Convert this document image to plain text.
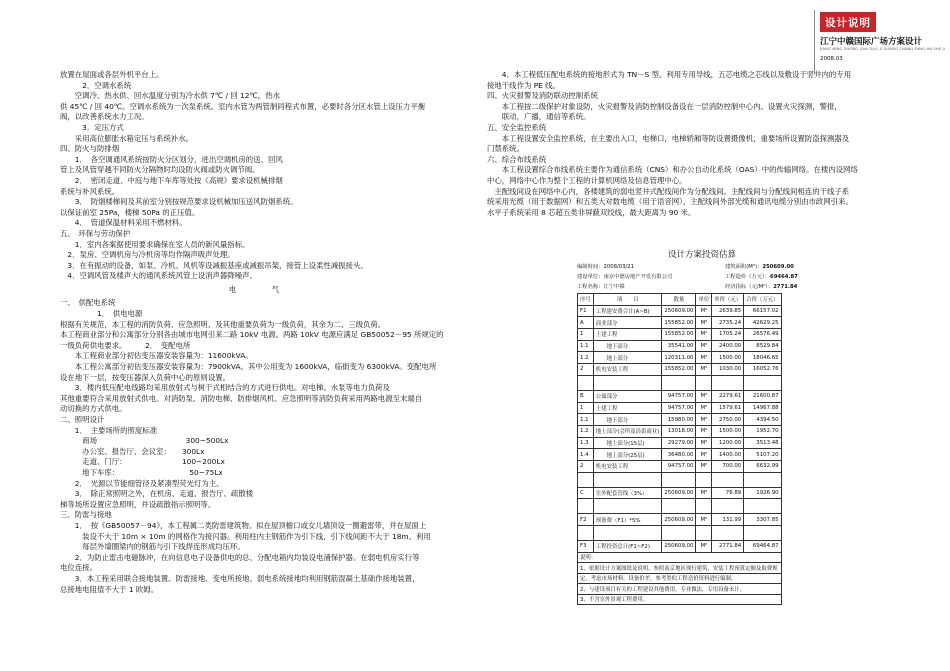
设计说明
江宁中赣国际广场方案设计
JIANG NING ZHONG GAN GUO JI GUANG CHANG FANG AN SHE JI
2008.03

放置在屋面或各层外机平台上。

　　　2．空调水系统

　　空调冷、热水供、回水温度分别为冷水供 7℃ / 回 12℃，热水

供 45℃ / 回 40℃。空调水系统为一次泵系统。室内水管为两管制同程式布置，必要时各分区水管上设压力平衡

阀，以改善系统水力工况。

　　　3．定压方式

　　采用高位膨胀水箱定压与系统补水。

四、防火与防排烟

　　1．　各空调通风系统按防火分区划分，进出空调机房的送、回风

管上及风管穿越不同防火分隔物时均设防火阀或防火调节阀。

　　2．　密闭走道、中庭与地下车库等处按《高规》要求设机械排烟

系统与补风系统。

　　3．　防烟楼梯间及其前室分别按规范要求设机械加压送风防烟系统。

以保证前室 25Pa，楼梯 50Pa 的正压值。

　　4．　管道保温材料采用不燃材料。

五、　环保与劳动保护

　　1．室内各案据使用要求确保在室人员的新风量指标。

　2．泵房、空调机房与冷机房等均作隔声吸声处理。

　3．在有振动的设备，如泵、冷机、风机等设减振基座或减振吊架，接管上设柔性减振接头。

　4．空调风管及楼声大的通风系统风管上设消声器降噪声。

电　气

一、　供配电系统

　　　　　1．　供电电源

根据有关规范，本工程的消防负荷、应急照明、及其他重要负荷为一级负荷，其余为二、三级负荷。

本工程商业部分和公寓部分分别各由城市电网引来二路 10kV 电源。两路 10kV 电源应满足 GB50052－95 所规定的

一级负荷供电要求。　　　2．　变配电所

　　本工程商业部分初估变压器安装容量为：11600kVA。

　　本工程公寓部分初估变压器安装容量为：7900kVA。其中公用变为 1600kVA，临街变为 6300kVA。变配电所

设在地下一层，按变压器深入负荷中心的原则设置。

　　3．楼内低压配电线路均采用放射式与树干式相结合的方式进行供电。对电梯、水泵等电力负荷及

其他重要符合采用放射式供电。对消防泵、消防电梯、防排烟风机、应急照明等消防负荷采用两路电源至末端自

动切换的方式供电。

二、照明设计

　　1．　主要场所的照度标准

　　　商场　　　　　　　　　　　　300~500Lx

　　　办公室、报告厅、会议室：　　300Lx

　　　走道、门厅：　　　　　　　　100~200Lx

　　　地下车库：　　　　　　　　　　50~75Lx

　　2．　光源以节能细管径及紧凑型荧光灯为主。

　　3．　除正常照明之外，在机房、走道、报告厅、疏散楼

梯等场所设置应急照明，并设疏散指示照明等。

三、防雷与接地

　　1．　按《GB50057－94》，本工程属二类防雷建筑物。拟在屋顶檐口或女儿墙顶设一圈避雷带，并在屋面上

　　　装设不大于 10m × 10m 的网格作为接闪器。利用柱内主钢筋作为引下线，引下线间距不大于 18m。利用

　　　每层外墙圈梁内的钢筋与引下线焊连形成均压环。

　　2．为防止雷击电磁脉冲，在向信息电子设备供电的总、分配电箱内均装设电涌保护器。在弱电机房实行等

电位连接。

　　3．本工程采用联合接地装置。防雷接地、变电所接地、弱电系统接地均利用钢筋混凝土基础作接地装置，

总接地电阻值不大于 1 欧姆。

　　4．本工程低压配电系统的接地形式为 TN－S 型。利用专用导线，五芯电缆之芯线以及敷设于竖井内的专用

接地干线作为 PE 线。

四、火灾报警及消防联动控制系统

　　本工程按二级保护对象设防，火灾报警及消防控制设备设在一层消防控制中心内。设置火灾探测，警报，

　　联动，广播，通信等系统。

五、安全监控系统

　　本工程设置安全监控系统，在主要出入口，电梯口，电梯轿厢等防设置摄像机，重要场所设置防盗探测器及

门禁系统。

六、综合布线系统

　　本工程设置综合布线系统主要作为通信系统（CNS）和办公自动化系统（OAS）中的传输网络。在楼内设网络

中心，网络中心作为整个工程的计算机网络及信息管理中心。

　主配线间设在网络中心内，各楼建筑的弱电竖井式配线间作为分配线间。主配线间与分配线间相连的干线子系

统采用光缆（用于数据网）和五类大对数电缆（用于语音网），主配线间外部光缆和通讯电缆分别由市政网引来。

水平子系统采用 8 芯超五类非屏蔽双绞线，最大距离为 90 米。

设计方案投资估算
编制时间：2008/03/21	建筑面积(M²)：250609.00
建设单位：南京中德房地产开发有限公司	工程造价（万元）：69464.87
工程名称：江宁中赣	经济指标（元/M²）：2771.84
序号	项　　目	数量	单位	单价（元）	合价（万元）
F1	工程建安费合计(A~B)	250609.00	M²	2639.85	66157.02
A	商业部分	155852.00	M²	2735.24	42629.25
1	土建工程	155852.00	M²	1705.24	26576.49
1.1	　　地下部分	35541.00	M²	2400.00	8529.84
1.2	　　地上部分	120311.00	M²	1500.00	18046.65
2	机电安装工程	155852.00	M²	1030.00	16052.76

B	公寓部分	94757.00	M²	2279.61	21600.87
1	土建工程	94757.00	M²	1579.61	14967.88
1.1	　　地下部分	15980.00	M²	2750.00	4394.50
1.2	地上部分(会所及沿街商业)	13018.00	M²	1500.00	1952.70
1.3	　　地上部分(15层)	29279.00	M²	1200.00	3513.48
1.4	　　地上部分(25层)	36480.00	M²	1400.00	5107.20
2	机电安装工程	94757.00	M²	700.00	6632.99

C	室外配套管线（3%）	250609.00	M²	76.89	1926.90

F2	预备费（F1）*5%	250609.00	M²	131.99	3307.85

F3	工程投资总计(F1~F2)	250609.00	M²	2771.84	69464.87
说明：					
1、依据设计方案图纸及说明，参照南京地区现行建筑，安装工程预算定额及取费规					
定，考虑市场材料，设备价差，参考类似工程造价资料进行编制。					
2、与建设项目有关的工程建设其他费用，专业做法，专用设备未计。					
3、不含室外景观工程费用。					
